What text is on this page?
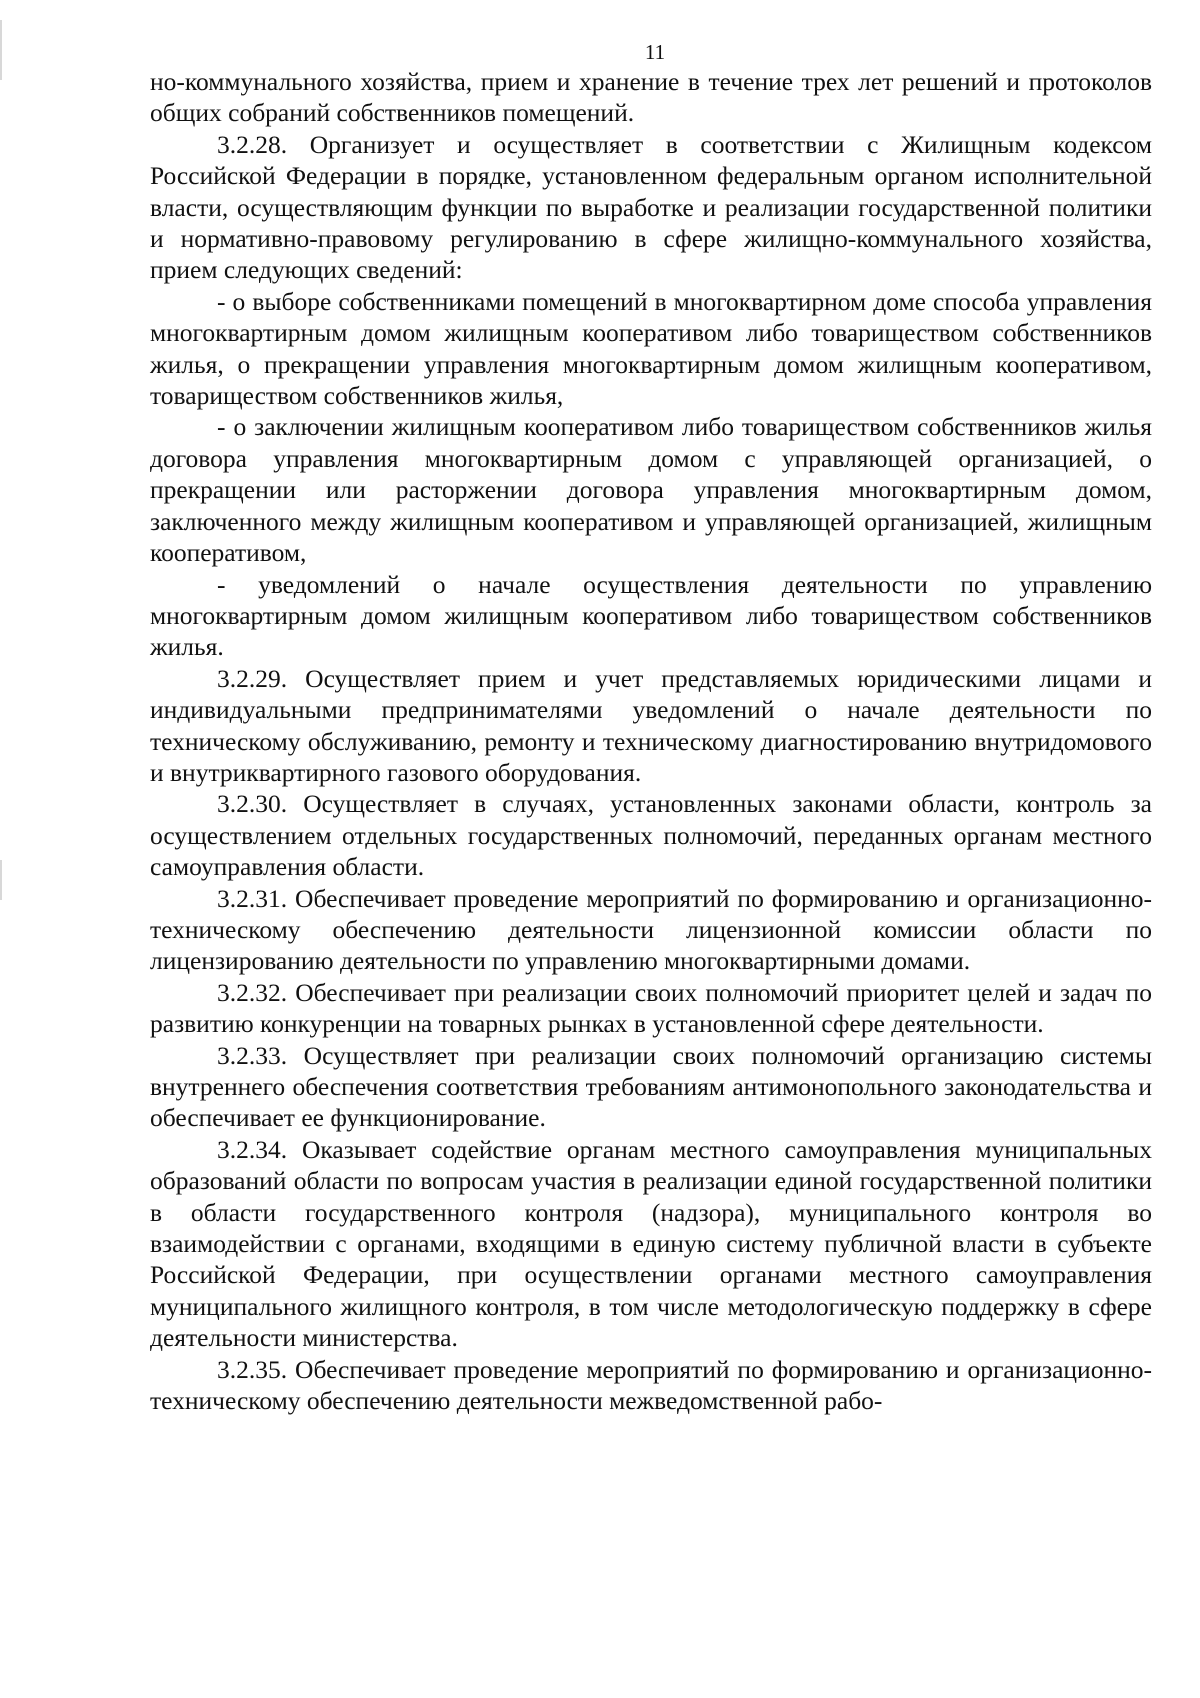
11

но-коммунального хозяйства, прием и хранение в течение трех лет решений и протоколов общих собраний собственников помещений.

3.2.28. Организует и осуществляет в соответствии с Жилищным кодексом Российской Федерации в порядке, установленном федеральным органом исполнительной власти, осуществляющим функции по выработке и реализации государственной политики и нормативно-правовому регулированию в сфере жилищно-коммунального хозяйства, прием следующих сведений:

- о выборе собственниками помещений в многоквартирном доме способа управления многоквартирным домом жилищным кооперативом либо товариществом собственников жилья, о прекращении управления многоквартирным домом жилищным кооперативом, товариществом собственников жилья,

- о заключении жилищным кооперативом либо товариществом собственников жилья договора управления многоквартирным домом с управляющей организацией, о прекращении или расторжении договора управления многоквартирным домом, заключенного между жилищным кооперативом и управляющей организацией, жилищным кооперативом,

- уведомлений о начале осуществления деятельности по управлению многоквартирным домом жилищным кооперативом либо товариществом собственников жилья.

3.2.29. Осуществляет прием и учет представляемых юридическими лицами и индивидуальными предпринимателями уведомлений о начале деятельности по техническому обслуживанию, ремонту и техническому диагностированию внутридомового и внутриквартирного газового оборудования.

3.2.30. Осуществляет в случаях, установленных законами области, контроль за осуществлением отдельных государственных полномочий, переданных органам местного самоуправления области.

3.2.31. Обеспечивает проведение мероприятий по формированию и организационно-техническому обеспечению деятельности лицензионной комиссии области по лицензированию деятельности по управлению многоквартирными домами.

3.2.32. Обеспечивает при реализации своих полномочий приоритет целей и задач по развитию конкуренции на товарных рынках в установленной сфере деятельности.

3.2.33. Осуществляет при реализации своих полномочий организацию системы внутреннего обеспечения соответствия требованиям антимонопольного законодательства и обеспечивает ее функционирование.

3.2.34. Оказывает содействие органам местного самоуправления муниципальных образований области по вопросам участия в реализации единой государственной политики в области государственного контроля (надзора), муниципального контроля во взаимодействии с органами, входящими в единую систему публичной власти в субъекте Российской Федерации, при осуществлении органами местного самоуправления муниципального жилищного контроля, в том числе методологическую поддержку в сфере деятельности министерства.

3.2.35. Обеспечивает проведение мероприятий по формированию и организационно-техническому обеспечению деятельности межведомственной рабо-
